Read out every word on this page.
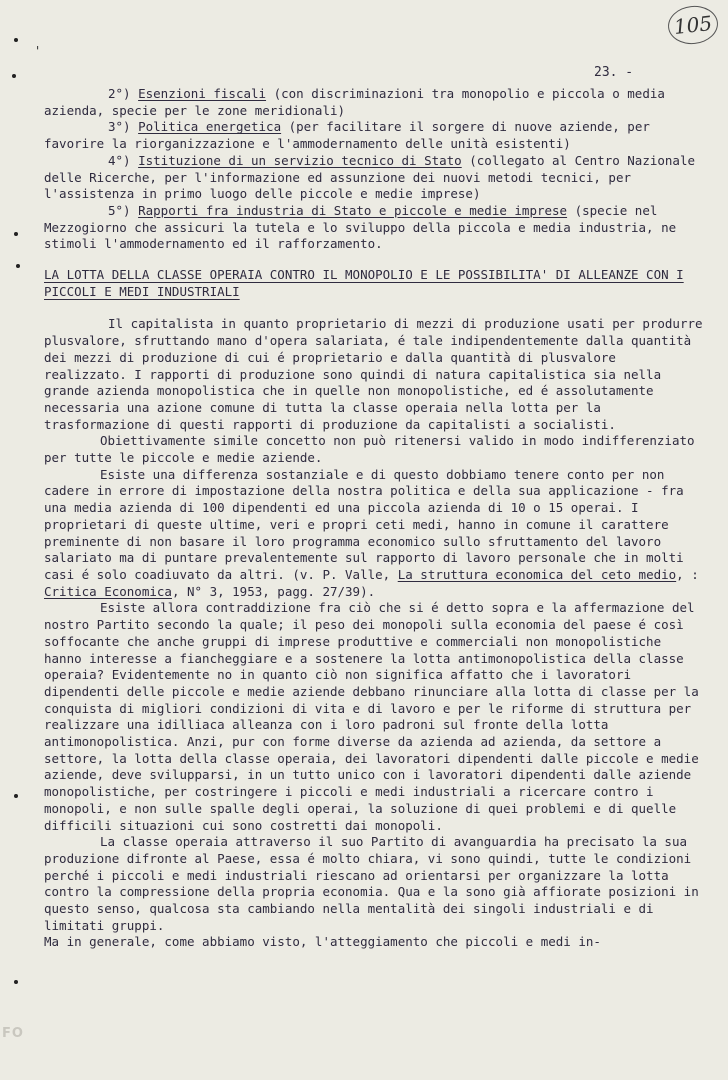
105
23. -
'

2°) Esenzioni fiscali (con discriminazioni tra monopolio e piccola o media azienda, specie per le zone meridionali)

3°) Politica energetica (per facilitare il sorgere di nuove aziende, per favorire la riorganizzazione e l'ammodernamento delle unità esistenti)

4°) Istituzione di un servizio tecnico di Stato (collegato al Centro Nazionale delle Ricerche, per l'informazione ed assunzione dei nuovi metodi tecnici, per l'assistenza in primo luogo delle piccole e medie imprese)

5°) Rapporti fra industria di Stato e piccole e medie imprese (specie nel Mezzogiorno che assicuri la tutela e lo sviluppo della piccola e media industria, ne stimoli l'ammodernamento ed il rafforzamento.

LA LOTTA DELLA CLASSE OPERAIA CONTRO IL MONOPOLIO E LE POSSIBILITA' DI ALLEANZE CON I PICCOLI E MEDI INDUSTRIALI

Il capitalista in quanto proprietario di mezzi di produzione usati per produrre plusvalore, sfruttando mano d'opera salariata, é tale indipendentemente dalla quantità dei mezzi di produzione di cui é proprietario e dalla quantità di plusvalore realizzato. I rapporti di produzione sono quindi di natura capitalistica sia nella grande azienda monopolistica che in quelle non monopolistiche, ed é assolutamente necessaria una azione comune di tutta la classe operaia nella lotta per la trasformazione di questi rapporti di produzione da capitalisti a socialisti.

Obiettivamente simile concetto non può ritenersi valido in modo indifferenziato per tutte le piccole e medie aziende.

Esiste una differenza sostanziale e di questo dobbiamo tenere conto per non cadere in errore di impostazione della nostra politica e della sua applicazione - fra una media azienda di 100 dipendenti ed una piccola azienda di 10 o 15 operai. I proprietari di queste ultime, veri e propri ceti medi, hanno in comune il carattere preminente di non basare il loro programma economico sullo sfruttamento del lavoro salariato ma di puntare prevalentemente sul rapporto di lavoro personale che in molti casi é solo coadiuvato da altri. (v. P. Valle, La struttura economica del ceto medio, : Critica Economica, N° 3, 1953, pagg. 27/39).

Esiste allora contraddizione fra ciò che si é detto sopra e la affermazione del nostro Partito secondo la quale; il peso dei monopoli sulla economia del paese é così soffocante che anche gruppi di imprese produttive e commerciali non monopolistiche hanno interesse a fiancheggiare e a sostenere la lotta antimonopolistica della classe operaia? Evidentemente no in quanto ciò non significa affatto che i lavoratori dipendenti delle piccole e medie aziende debbano rinunciare alla lotta di classe per la conquista di migliori condizioni di vita e di lavoro e per le riforme di struttura per realizzare una idilliaca alleanza con i loro padroni sul fronte della lotta antimonopolistica. Anzi, pur con forme diverse da azienda ad azienda, da settore a settore, la lotta della classe operaia, dei lavoratori dipendenti dalle piccole e medie aziende, deve svilupparsi, in un tutto unico con i lavoratori dipendenti dalle aziende monopolistiche, per costringere i piccoli e medi industriali a ricercare contro i monopoli, e non sulle spalle degli operai, la soluzione di quei problemi e di quelle difficili situazioni cui sono costretti dai monopoli.

La classe operaia attraverso il suo Partito di avanguardia ha precisato la sua produzione difronte al Paese, essa é molto chiara, vi sono quindi, tutte le condizioni perché i piccoli e medi industriali riescano ad orientarsi per organizzare la lotta contro la compressione della propria economia. Qua e la sono già affiorate posizioni in questo senso, qualcosa sta cambiando nella mentalità dei singoli industriali e di limitati gruppi.

Ma in generale, come abbiamo visto, l'atteggiamento che piccoli e medi in-

FO
